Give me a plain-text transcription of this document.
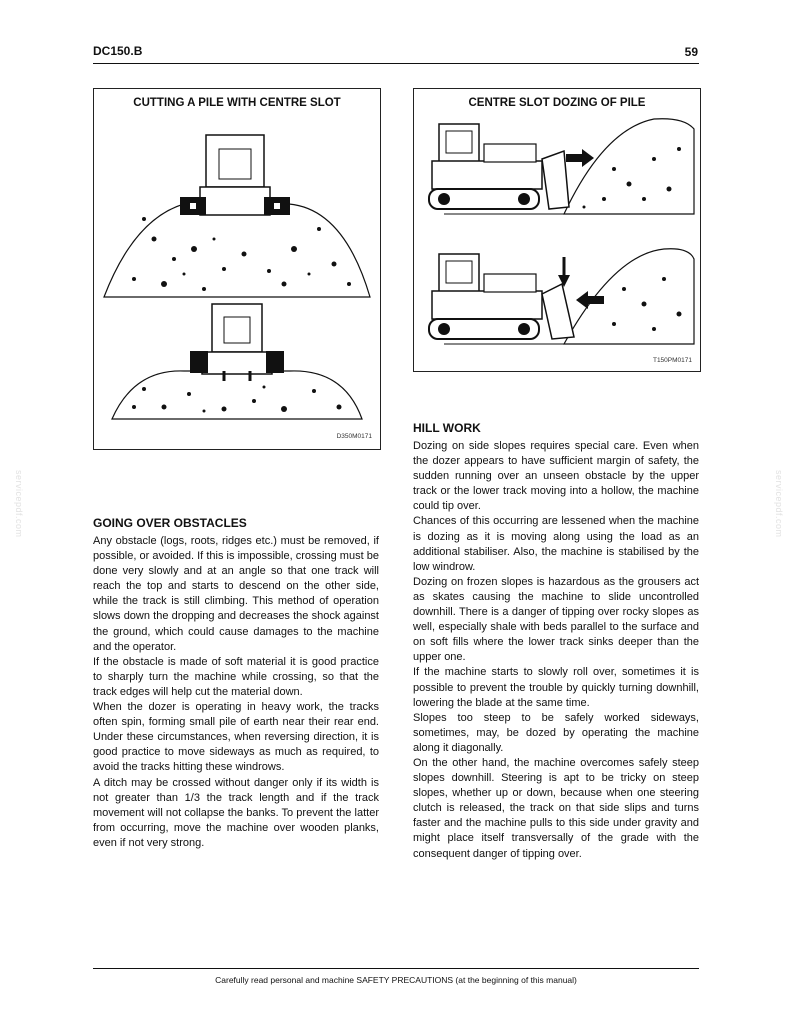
DC150.B	59
CUTTING A PILE WITH CENTRE SLOT
D350M0171
CENTRE SLOT DOZING OF PILE
T150PM0171
GOING OVER OBSTACLES

Any obstacle (logs, roots, ridges etc.) must be removed, if possible, or avoided. If this is impossible, crossing must be done very slowly and at an angle so that one track will reach the top and starts to descend on the other side, while the track is still climbing. This method of operation slows down the dropping and decreases the shock against the ground, which could cause damages to the machine and the operator.

If the obstacle is made of soft material it is good practice to sharply turn the machine while crossing, so that the track edges will help cut the material down.

When the dozer is operating in heavy work, the tracks often spin, forming small pile of earth near their rear end. Under these circumstances, when reversing direction, it is good practice to move sideways as much as required, to avoid the tracks hitting these windrows.

A ditch may be crossed without danger only if its width is not greater than 1/3 the track length and if the track movement will not collapse the banks. To prevent the latter from occurring, move the machine over wooden planks, even if not very strong.

HILL WORK

Dozing on side slopes requires special care. Even when the dozer appears to have sufficient margin of safety, the sudden running over an unseen obstacle by the upper track or the lower track moving into a hollow, the machine could tip over.

Chances of this occurring are lessened when the machine is dozing as it is moving along using the load as an additional stabiliser. Also, the machine is stabilised by the low windrow.

Dozing on frozen slopes is hazardous as the grousers act as skates causing the machine to slide uncontrolled downhill. There is a danger of tipping over rocky slopes as well, especially shale with beds parallel to the surface and on soft fills where the lower track sinks deeper than the upper one.

If the machine starts to slowly roll over, sometimes it is possible to prevent the trouble by quickly turning downhill, lowering the blade at the same time.

Slopes too steep to be safely worked sideways, sometimes, may, be dozed by operating the machine along it diagonally.

On the other hand, the machine overcomes safely steep slopes downhill. Steering is apt to be tricky on steep slopes, whether up or down, because when one steering clutch is released, the track on that side slips and turns faster and the machine pulls to this side under gravity and might place itself transversally of the grade with the consequent danger of tipping over.

servicepdf.com	servicepdf.com
Carefully read personal and machine SAFETY PRECAUTIONS (at the beginning of this manual)
